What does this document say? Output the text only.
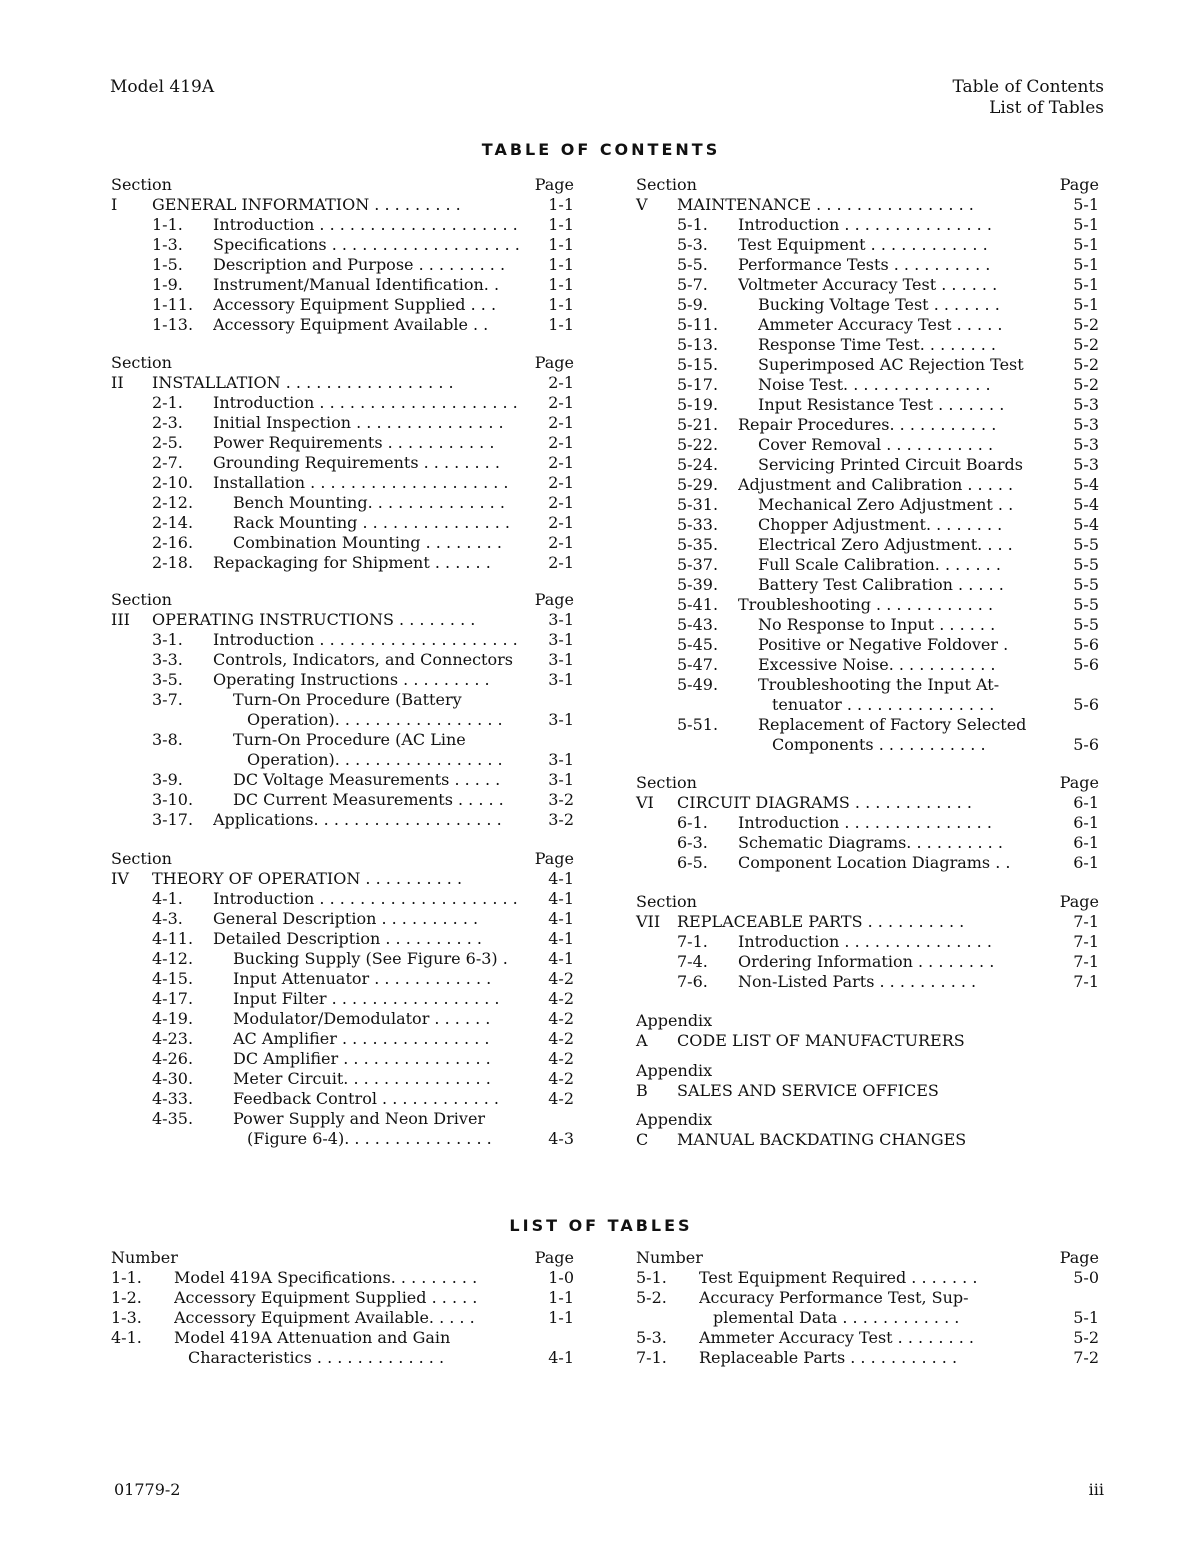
Model 419A	Table of Contents
List of Tables
TABLE OF CONTENTS
Section	Page
I GENERAL INFORMATION . . . . . . . . .	1-1
1-1. Introduction . . . . . . . . . . . . . . . . . . . .	1-1
1-3. Specifications . . . . . . . . . . . . . . . . . . .	1-1
1-5. Description and Purpose . . . . . . . . .	1-1
1-9. Instrument/Manual Identification. .	1-1
1-11. Accessory Equipment Supplied . . .	1-1
1-13. Accessory Equipment Available . .	1-1
Section	Page
II INSTALLATION . . . . . . . . . . . . . . . . .	2-1
2-1. Introduction . . . . . . . . . . . . . . . . . . . .	2-1
2-3. Initial Inspection . . . . . . . . . . . . . . .	2-1
2-5. Power Requirements . . . . . . . . . . .	2-1
2-7. Grounding Requirements . . . . . . . .	2-1
2-10. Installation . . . . . . . . . . . . . . . . . . . .	2-1
2-12. Bench Mounting. . . . . . . . . . . . . .	2-1
2-14. Rack Mounting . . . . . . . . . . . . . . .	2-1
2-16. Combination Mounting . . . . . . . .	2-1
2-18. Repackaging for Shipment . . . . . .	2-1
Section	Page
III OPERATING INSTRUCTIONS . . . . . . . .	3-1
3-1. Introduction . . . . . . . . . . . . . . . . . . . .	3-1
3-3. Controls, Indicators, and Connectors	3-1
3-5. Operating Instructions . . . . . . . . .	3-1
3-7.	Turn-On Procedure (Battery
Operation). . . . . . . . . . . . . . . . .	3-1
3-8.	Turn-On Procedure (AC Line
Operation). . . . . . . . . . . . . . . . .	3-1
3-9.	DC Voltage Measurements . . . . .	3-1
3-10. DC Current Measurements . . . . .	3-2
3-17. Applications. . . . . . . . . . . . . . . . . . .	3-2
Section	Page
IV THEORY OF OPERATION . . . . . . . . . .	4-1
4-1. Introduction . . . . . . . . . . . . . . . . . . . .	4-1
4-3. General Description . . . . . . . . . .	4-1
4-11. Detailed Description . . . . . . . . . .	4-1
4-12. Bucking Supply (See Figure 6-3) .	4-1
4-15. Input Attenuator . . . . . . . . . . . .	4-2
4-17. Input Filter . . . . . . . . . . . . . . . . .	4-2
4-19. Modulator/Demodulator . . . . . .	4-2
4-23. AC Amplifier . . . . . . . . . . . . . . .	4-2
4-26. DC Amplifier . . . . . . . . . . . . . . .	4-2
4-30. Meter Circuit. . . . . . . . . . . . . . .	4-2
4-33. Feedback Control . . . . . . . . . . . .	4-2
4-35. Power Supply and Neon Driver
(Figure 6-4). . . . . . . . . . . . . . .	4-3
Section	Page
V MAINTENANCE . . . . . . . . . . . . . . . .	5-1
5-1. Introduction . . . . . . . . . . . . . . .	5-1
5-3. Test Equipment . . . . . . . . . . . .	5-1
5-5. Performance Tests . . . . . . . . . .	5-1
5-7. Voltmeter Accuracy Test . . . . . .	5-1
5-9.	Bucking Voltage Test . . . . . . .	5-1
5-11. Ammeter Accuracy Test . . . . .	5-2
5-13. Response Time Test. . . . . . . .	5-2
5-15. Superimposed AC Rejection Test	5-2
5-17. Noise Test. . . . . . . . . . . . . . .	5-2
5-19. Input Resistance Test . . . . . . .	5-3
5-21. Repair Procedures. . . . . . . . . . .	5-3
5-22. Cover Removal . . . . . . . . . . .	5-3
5-24. Servicing Printed Circuit Boards	5-3
5-29. Adjustment and Calibration . . . . .	5-4
5-31. Mechanical Zero Adjustment . .	5-4
5-33. Chopper Adjustment. . . . . . . .	5-4
5-35. Electrical Zero Adjustment. . . .	5-5
5-37. Full Scale Calibration. . . . . . .	5-5
5-39. Battery Test Calibration . . . . .	5-5
5-41. Troubleshooting . . . . . . . . . . . .	5-5
5-43. No Response to Input . . . . . .	5-5
5-45. Positive or Negative Foldover .	5-6
5-47. Excessive Noise. . . . . . . . . . .	5-6
5-49. Troubleshooting the Input At-
tenuator . . . . . . . . . . . . . . .	5-6
5-51. Replacement of Factory Selected
Components . . . . . . . . . . .	5-6
Section	Page
VI CIRCUIT DIAGRAMS . . . . . . . . . . . .	6-1
6-1. Introduction . . . . . . . . . . . . . . .	6-1
6-3. Schematic Diagrams. . . . . . . . . .	6-1
6-5. Component Location Diagrams . .	6-1
Section	Page
VII REPLACEABLE PARTS . . . . . . . . . .	7-1
7-1. Introduction . . . . . . . . . . . . . . .	7-1
7-4. Ordering Information . . . . . . . .	7-1
7-6. Non-Listed Parts . . . . . . . . . .	7-1
Appendix
A CODE LIST OF MANUFACTURERS
Appendix
B SALES AND SERVICE OFFICES
Appendix
C MANUAL BACKDATING CHANGES
LIST OF TABLES
Number	Page
1-1. Model 419A Specifications. . . . . . . . .	1-0
1-2. Accessory Equipment Supplied . . . . .	1-1
1-3. Accessory Equipment Available. . . . .	1-1
4-1. Model 419A Attenuation and Gain
Characteristics . . . . . . . . . . . . .	4-1
Number	Page
5-1. Test Equipment Required . . . . . . .	5-0
5-2. Accuracy Performance Test, Sup-
plemental Data . . . . . . . . . . . .	5-1
5-3. Ammeter Accuracy Test . . . . . . . .	5-2
7-1. Replaceable Parts . . . . . . . . . . .	7-2
01779-2	iii
